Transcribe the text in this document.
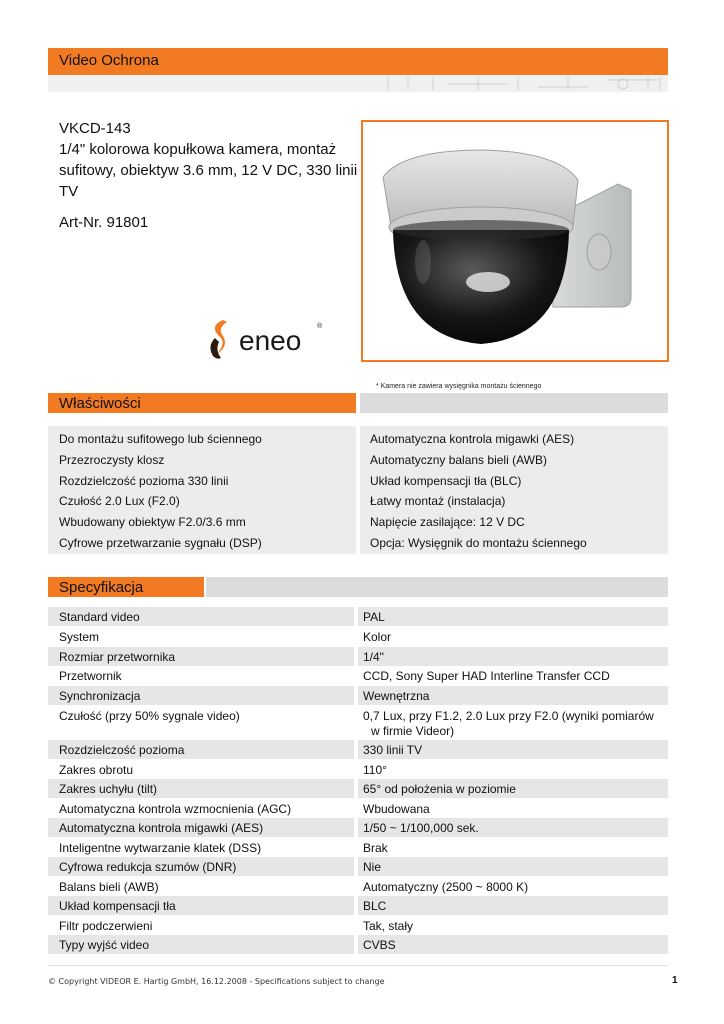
Video Ochrona
VKCD-143
1/4" kolorowa kopułkowa kamera, montaż
sufitowy, obiektyw 3.6 mm, 12 V DC, 330 linii
TV
Art-Nr. 91801
* Kamera nie zawiera wysięgnika montażu ściennego
eneo ®
Właściwości
Do montażu sufitowego lub ściennego
Przezroczysty klosz
Rozdzielczość pozioma 330 linii
Czułość 2.0 Lux (F2.0)
Wbudowany obiektyw F2.0/3.6 mm
Cyfrowe przetwarzanie sygnału (DSP)
Automatyczna kontrola migawki (AES)
Automatyczny balans bieli (AWB)
Układ kompensacji tła (BLC)
Łatwy montaż (instalacja)
Napięcie zasilające: 12 V DC
Opcja: Wysięgnik do montażu ściennego
Specyfikacja
Standard video	PAL
System	Kolor
Rozmiar przetwornika	1/4"
Przetwornik	CCD, Sony Super HAD Interline Transfer CCD
Synchronizacja	Wewnętrzna
Czułość (przy 50% sygnale video)	0,7 Lux, przy F1.2, 2.0 Lux przy F2.0 (wyniki pomiarów
w firmie Videor)
Rozdzielczość pozioma	330 linii TV
Zakres obrotu	110°
Zakres uchyłu (tilt)	65° od położenia w poziomie
Automatyczna kontrola wzmocnienia (AGC)	Wbudowana
Automatyczna kontrola migawki (AES)	1/50 ~ 1/100,000 sek.
Inteligentne wytwarzanie klatek (DSS)	Brak
Cyfrowa redukcja szumów (DNR)	Nie
Balans bieli (AWB)	Automatyczny (2500 ~ 8000 K)
Układ kompensacji tła	BLC
Filtr podczerwieni	Tak, stały
Typy wyjść video	CVBS
© Copyright VIDEOR E. Hartig GmbH, 16.12.2008 - Specifications subject to change	1
